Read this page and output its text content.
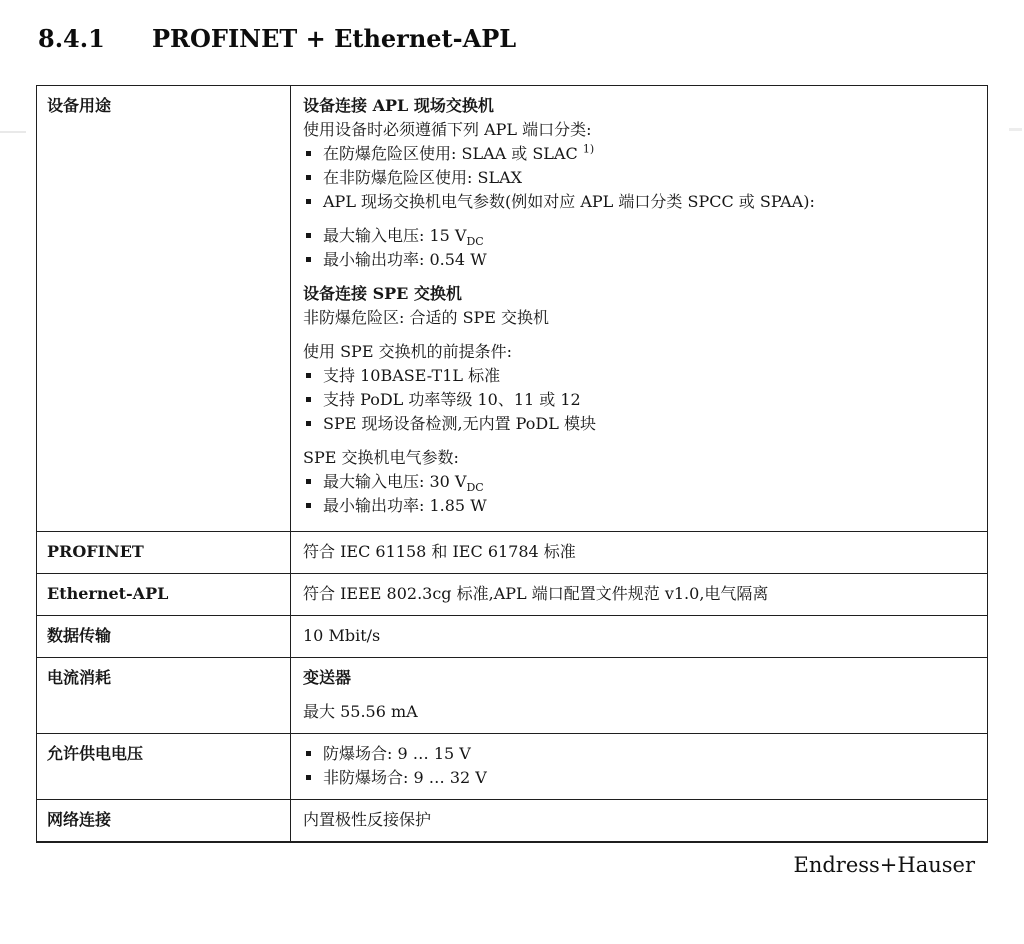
8.4.1	PROFINET + Ethernet-APL
设备用途	设备连接 APL 现场交换机
使用设备时必须遵循下列 APL 端口分类:
在防爆危险区使用: SLAA 或 SLAC $^{1)}$
在非防爆危险区使用: SLAX
APL 现场交换机电气参数(例如对应 APL 端口分类 SPCC 或 SPAA):
最大输入电压: 15 $V_{DC}$
最小输出功率: 0.54 W
设备连接 SPE 交换机
非防爆危险区: 合适的 SPE 交换机
使用 SPE 交换机的前提条件:
支持 10BASE-T1L 标准
支持 PoDL 功率等级 10、11 或 12
SPE 现场设备检测,无内置 PoDL 模块
SPE 交换机电气参数:
最大输入电压: 30 $V_{DC}$
最小输出功率: 1.85 W
PROFINET	符合 IEC 61158 和 IEC 61784 标准
Ethernet-APL	符合 IEEE 802.3cg 标准,APL 端口配置文件规范 v1.0,电气隔离
数据传输	10 Mbit/s
电流消耗	变送器
最大 55.56 mA
允许供电电压	防爆场合: 9 … 15 V
非防爆场合: 9 … 32 V
网络连接	内置极性反接保护
Endress+Hauser
